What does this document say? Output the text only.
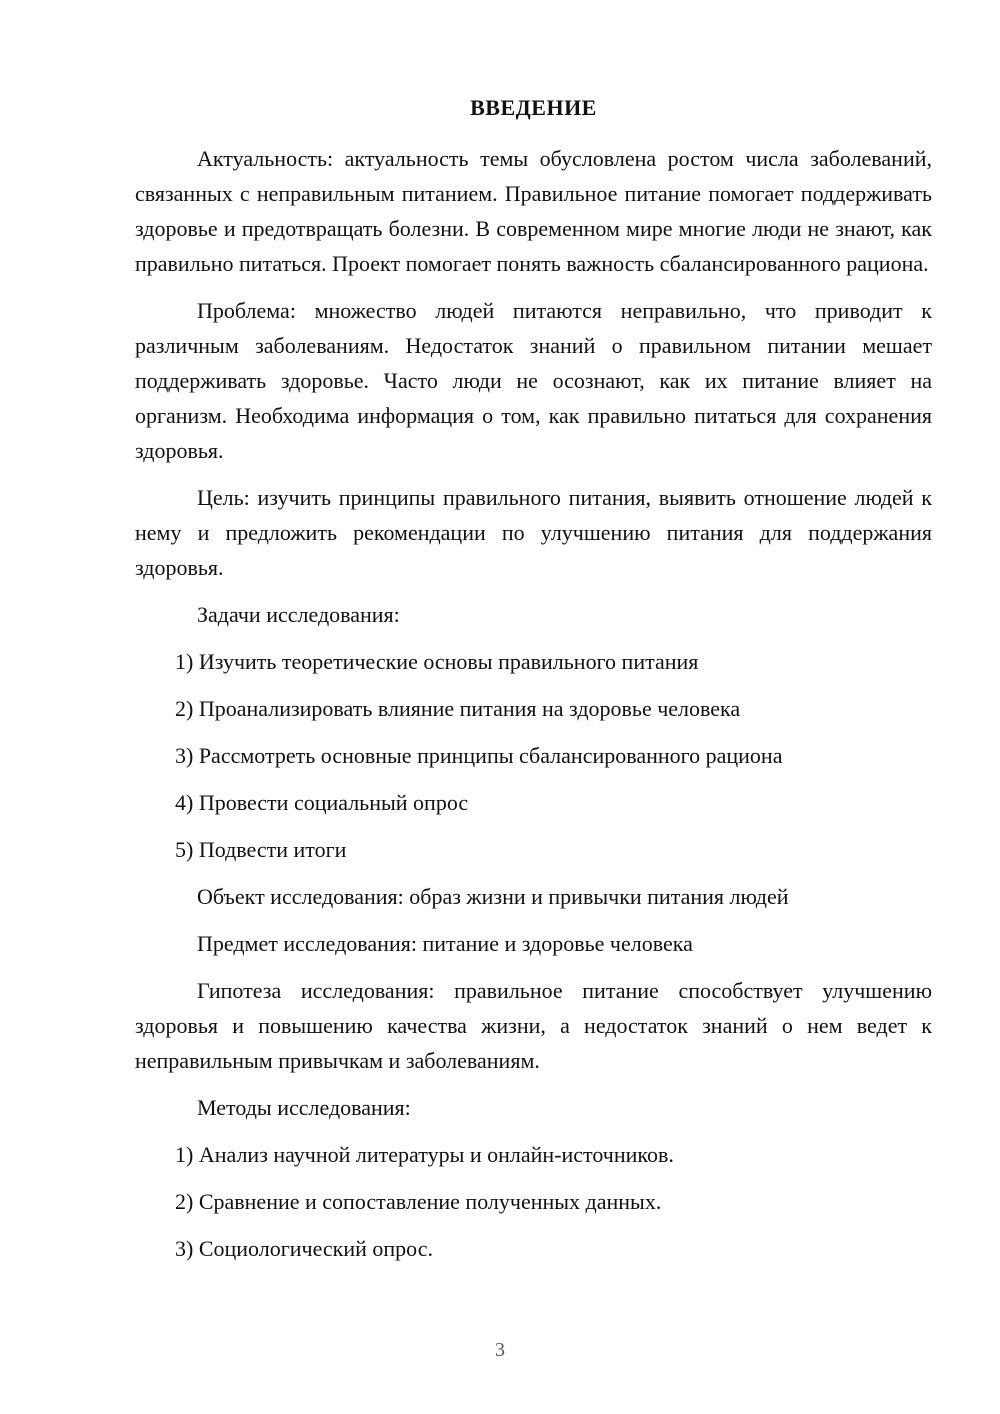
ВВЕДЕНИЕ

Актуальность: актуальность темы обусловлена ростом числа заболеваний, связанных с неправильным питанием. Правильное питание помогает поддерживать здоровье и предотвращать болезни. В современном мире многие люди не знают, как правильно питаться. Проект помогает понять важность сбалансированного рациона.

Проблема: множество людей питаются неправильно, что приводит к различным заболеваниям. Недостаток знаний о правильном питании мешает поддерживать здоровье. Часто люди не осознают, как их питание влияет на организм. Необходима информация о том, как правильно питаться для сохранения здоровья.

Цель: изучить принципы правильного питания, выявить отношение людей к нему и предложить рекомендации по улучшению питания для поддержания здоровья.

Задачи исследования:

1) Изучить теоретические основы правильного питания

2) Проанализировать влияние питания на здоровье человека

3) Рассмотреть основные принципы сбалансированного рациона

4) Провести социальный опрос

5) Подвести итоги

Объект исследования: образ жизни и привычки питания людей

Предмет исследования: питание и здоровье человека

Гипотеза исследования: правильное питание способствует улучшению здоровья и повышению качества жизни, а недостаток знаний о нем ведет к неправильным привычкам и заболеваниям.

Методы исследования:

1) Анализ научной литературы и онлайн-источников.

2) Сравнение и сопоставление полученных данных.

3) Социологический опрос.

3
